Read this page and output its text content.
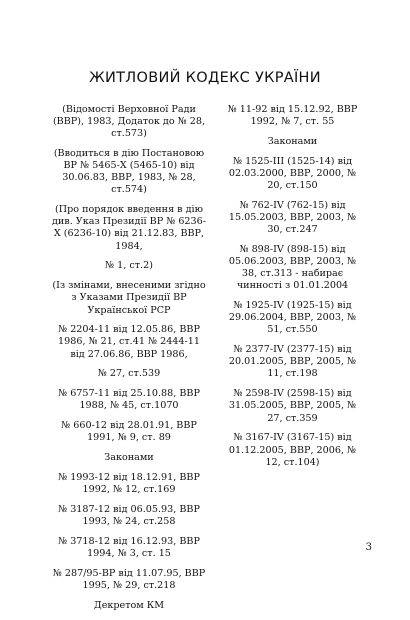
ЖИТЛОВИЙ КОДЕКС УКРАЇНИ

(Відомості Верховної Ради (ВВР), 1983, Додаток до № 28, ст.573)

(Вводиться в дію Постановою ВР № 5465-X (5465-10) від 30.06.83, ВВР, 1983, № 28, ст.574)

(Про порядок введення в дію див. Указ Президії ВР № 6236-X (6236-10) від 21.12.83, ВВР, 1984,

№ 1, ст.2)

(Із змінами, внесеними згідно з Указами Президії ВР Української РСР

№ 2204-11 від 12.05.86, ВВР 1986, № 21, ст.41 № 2444-11 від 27.06.86, ВВР 1986,

№ 27, ст.539

№ 6757-11 від 25.10.88, ВВР 1988, № 45, ст.1070

№ 660-12 від 28.01.91, ВВР 1991, № 9, ст. 89

Законами

№ 1993-12 від 18.12.91, ВВР 1992, № 12, ст.169

№ 3187-12 від 06.05.93, ВВР 1993, № 24, ст.258

№ 3718-12 від 16.12.93, ВВР 1994, № 3, ст. 15

№ 287/95-ВР від 11.07.95, ВВР 1995, № 29, ст.218

Декретом КМ

№ 11-92 від 15.12.92, ВВР 1992, № 7, ст. 55

Законами

№ 1525-III (1525-14) від 02.03.2000, ВВР, 2000, № 20, ст.150

№ 762-IV (762-15) від 15.05.2003, ВВР, 2003, № 30, ст.247

№ 898-IV (898-15) від 05.06.2003, ВВР, 2003, № 38, ст.313 - набирає чинності з 01.01.2004

№ 1925-IV (1925-15) від 29.06.2004, ВВР, 2003, № 51, ст.550

№ 2377-IV (2377-15) від 20.01.2005, ВВР, 2005, № 11, ст.198

№ 2598-IV (2598-15) від 31.05.2005, ВВР, 2005, № 27, ст.359

№ 3167-IV (3167-15) від 01.12.2005, ВВР, 2006, № 12, ст.104)

3
